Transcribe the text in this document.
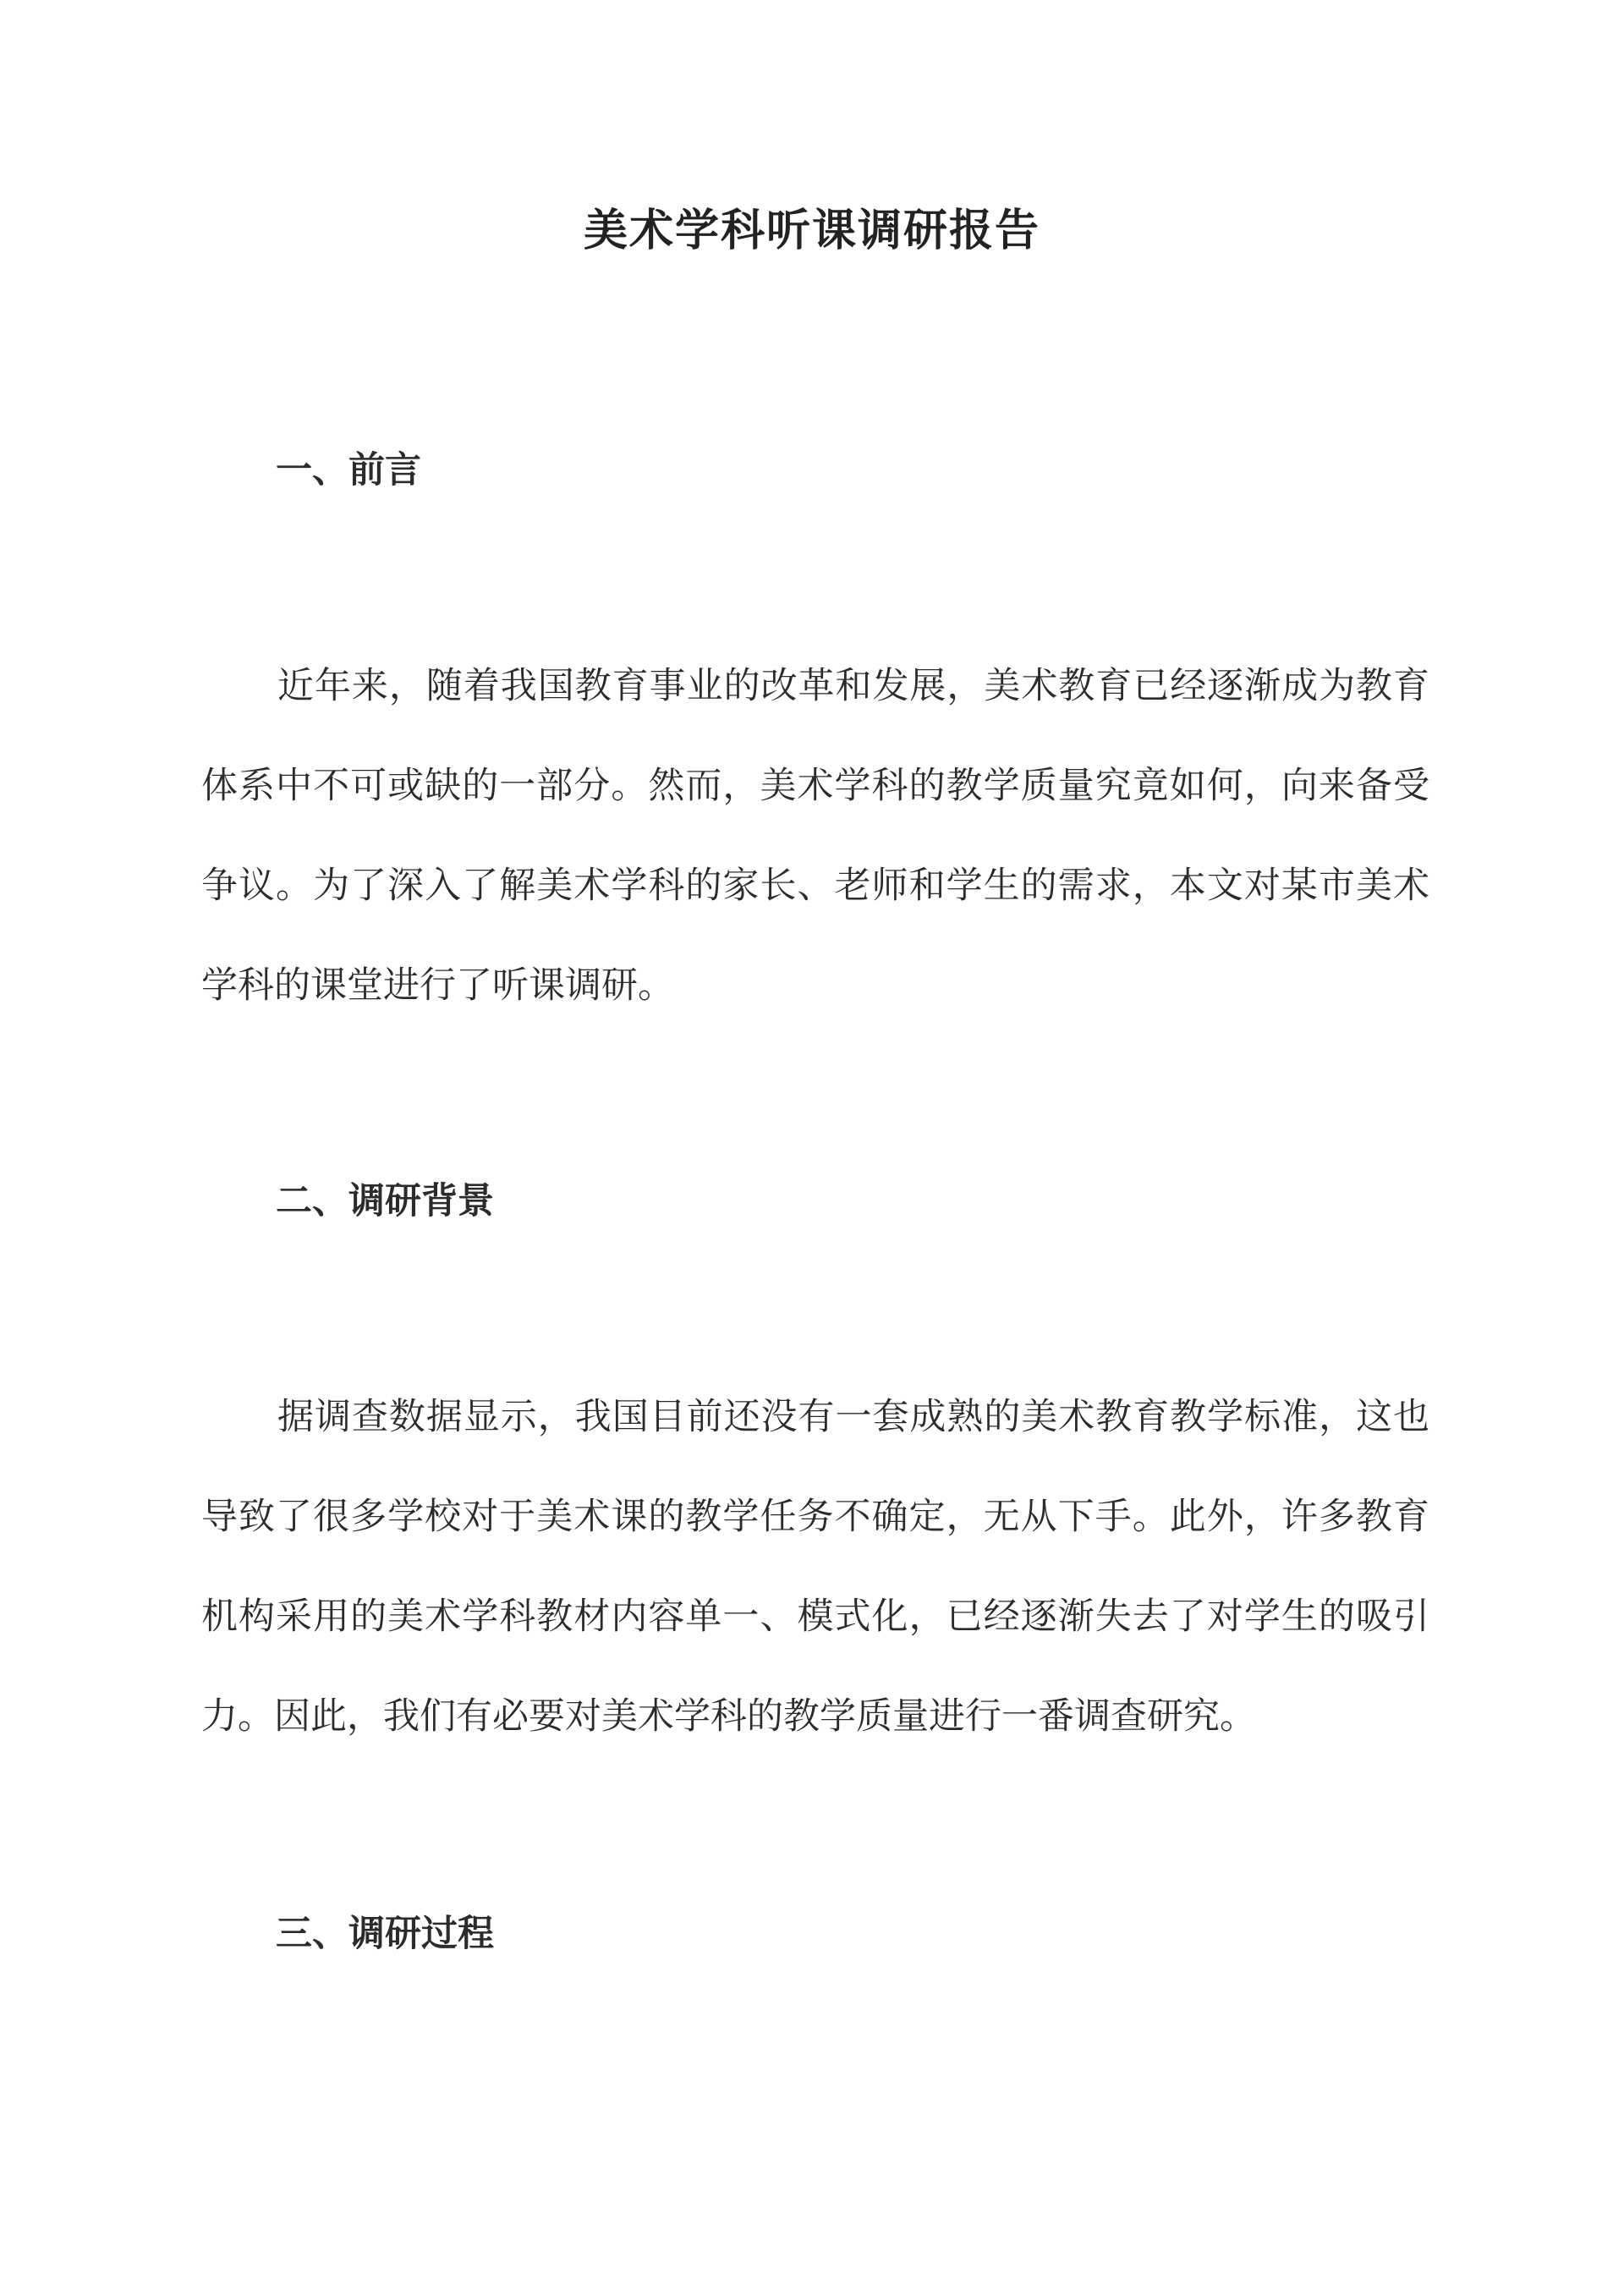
美术学科听课调研报告
一、前言

近年来，随着我国教育事业的改革和发展，美术教育已经逐渐成为教育体系中不可或缺的一部分。然而，美术学科的教学质量究竟如何，向来备受争议。为了深入了解美术学科的家长、老师和学生的需求，本文对某市美术学科的课堂进行了听课调研。

二、调研背景

据调查数据显示，我国目前还没有一套成熟的美术教育教学标准，这也导致了很多学校对于美术课的教学任务不确定，无从下手。此外，许多教育机构采用的美术学科教材内容单一、模式化，已经逐渐失去了对学生的吸引力。因此，我们有必要对美术学科的教学质量进行一番调查研究。

三、调研过程
